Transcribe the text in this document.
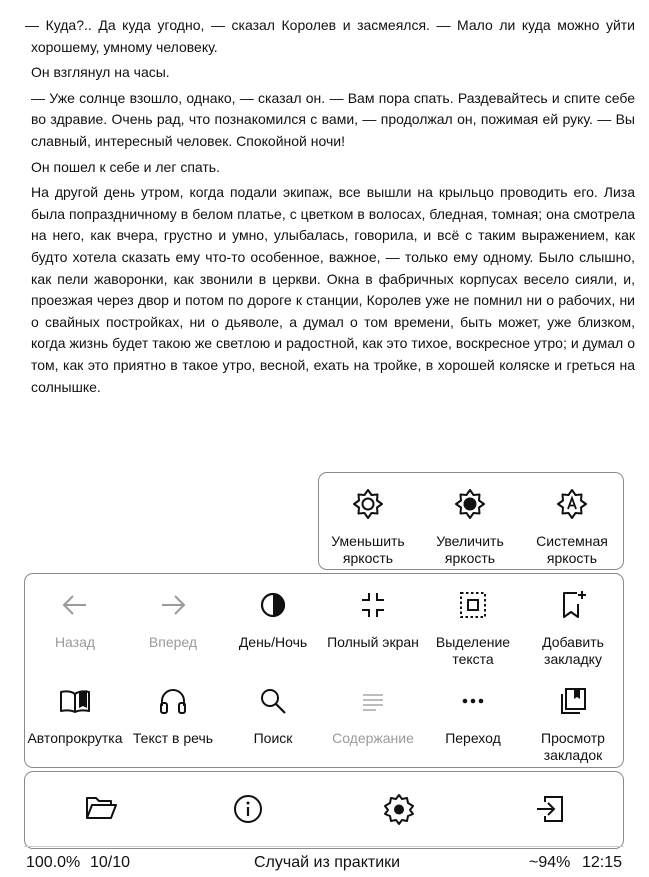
— Куда?.. Да куда угодно, — сказал Королев и засмеялся. — Мало ли куда можно уйти хорошему, умному человеку.

Он взглянул на часы.

— Уже солнце взошло, однако, — сказал он. — Вам пора спать. Раздевайтесь и спите себе во здравие. Очень рад, что познакомился с вами, — продолжал он, пожимая ей руку. — Вы славный, интересный человек. Спокойной ночи!

Он пошел к себе и лег спать.

На другой день утром, когда подали экипаж, все вышли на крыльцо проводить его. Лиза была попраздничному в белом платье, с цветком в волосах, бледная, томная; она смотрела на него, как вчера, грустно и умно, улыбалась, говорила, и всё с таким выражением, как будто хотела сказать ему что-то особенное, важное, — только ему одному. Было слышно, как пели жаворонки, как звонили в церкви. Окна в фабричных корпусах весело сияли, и, проезжая через двор и потом по дороге к станции, Королев уже не помнил ни о рабочих, ни о свайных постройках, ни о дьяволе, а думал о том времени, быть может, уже близком, когда жизнь будет такою же светлою и радостной, как это тихое, воскресное утро; и думал о том, как это приятно в такое утро, весной, ехать на тройке, в хорошей коляске и греться на солнышке.

Уменьшить яркость
Увеличить яркость
Системная яркость
Назад	Вперед	День/Ночь	Полный экран	Выделение текста
Добавить закладку
Автопрокрутка Текст в речь	Поиск	Содержание	Переход	Просмотр закладок
100.0% 10/10	Случай из практики	~94% 12:15
